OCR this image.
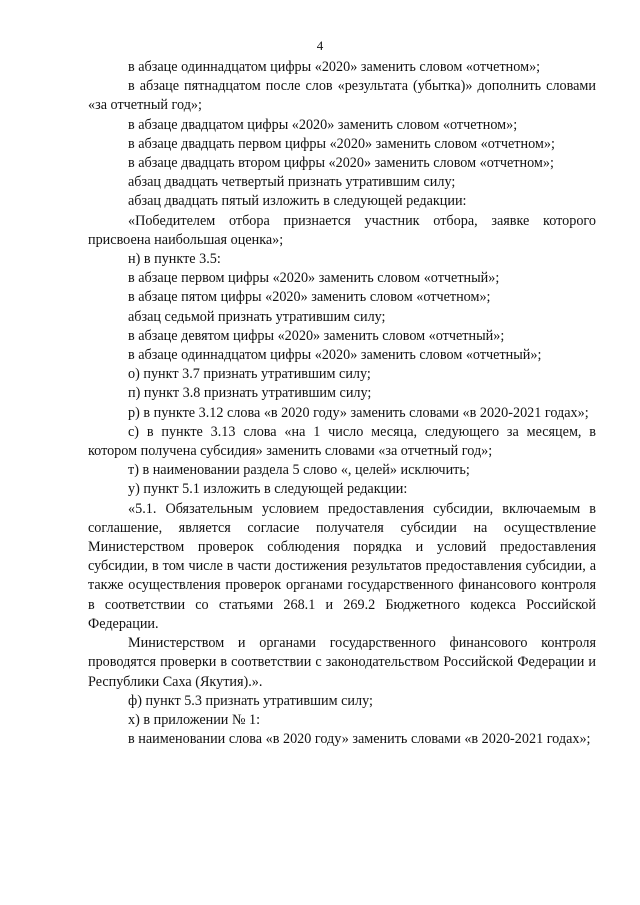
4

в абзаце одиннадцатом цифры «2020» заменить словом «отчетном»;

в абзаце пятнадцатом после слов «результата (убытка)» дополнить словами «за отчетный год»;

в абзаце двадцатом цифры «2020» заменить словом «отчетном»;

в абзаце двадцать первом цифры «2020» заменить словом «отчетном»;

в абзаце двадцать втором цифры «2020» заменить словом «отчетном»;

абзац двадцать четвертый признать утратившим силу;

абзац двадцать пятый изложить в следующей редакции:

«Победителем отбора признается участник отбора, заявке которого присвоена наибольшая оценка»;

н) в пункте 3.5:

в абзаце первом цифры «2020» заменить словом «отчетный»;

в абзаце пятом цифры «2020» заменить словом «отчетном»;

абзац седьмой признать утратившим силу;

в абзаце девятом цифры «2020» заменить словом «отчетный»;

в абзаце одиннадцатом цифры «2020» заменить словом «отчетный»;

о) пункт 3.7 признать утратившим силу;

п) пункт 3.8 признать утратившим силу;

р) в пункте 3.12 слова «в 2020 году» заменить словами «в 2020-2021 годах»;

с) в пункте 3.13 слова «на 1 число месяца, следующего за месяцем, в котором получена субсидия» заменить словами «за отчетный год»;

т) в наименовании раздела 5 слово «, целей» исключить;

у) пункт 5.1 изложить в следующей редакции:

«5.1. Обязательным условием предоставления субсидии, включаемым в соглашение, является согласие получателя субсидии на осуществление Министерством проверок соблюдения порядка и условий предоставления субсидии, в том числе в части достижения результатов предоставления субсидии, а также осуществления проверок органами государственного финансового контроля в соответствии со статьями 268.1 и 269.2 Бюджетного кодекса Российской Федерации.

Министерством и органами государственного финансового контроля проводятся проверки в соответствии с законодательством Российской Федерации и Республики Саха (Якутия).».

ф) пункт 5.3 признать утратившим силу;

х) в приложении № 1:

в наименовании слова «в 2020 году» заменить словами «в 2020-2021 годах»;
